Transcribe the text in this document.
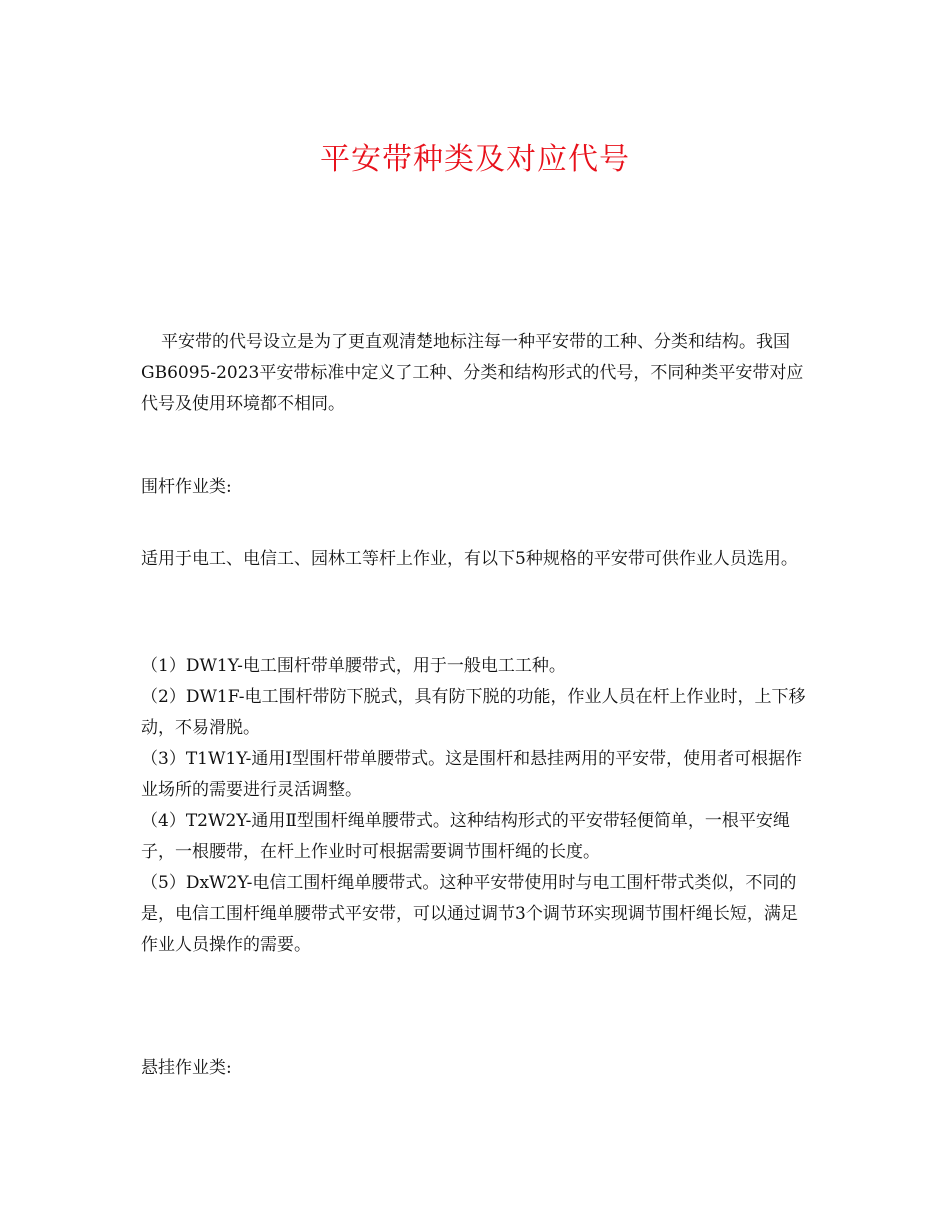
平安带种类及对应代号

平安带的代号设立是为了更直观清楚地标注每一种平安带的工种、分类和结构。我国GB6095-2023平安带标准中定义了工种、分类和结构形式的代号，不同种类平安带对应代号及使用环境都不相同。

围杆作业类:

适用于电工、电信工、园林工等杆上作业，有以下5种规格的平安带可供作业人员选用。

（1）DW1Y-电工围杆带单腰带式，用于一般电工工种。
（2）DW1F-电工围杆带防下脱式，具有防下脱的功能，作业人员在杆上作业时，上下移动，不易滑脱。
（3）T1W1Y-通用Ⅰ型围杆带单腰带式。这是围杆和悬挂两用的平安带，使用者可根据作业场所的需要进行灵活调整。
（4）T2W2Y-通用Ⅱ型围杆绳单腰带式。这种结构形式的平安带轻便简单，一根平安绳子，一根腰带，在杆上作业时可根据需要调节围杆绳的长度。
（5）DxW2Y-电信工围杆绳单腰带式。这种平安带使用时与电工围杆带式类似，不同的是，电信工围杆绳单腰带式平安带，可以通过调节3个调节环实现调节围杆绳长短，满足作业人员操作的需要。

悬挂作业类:
